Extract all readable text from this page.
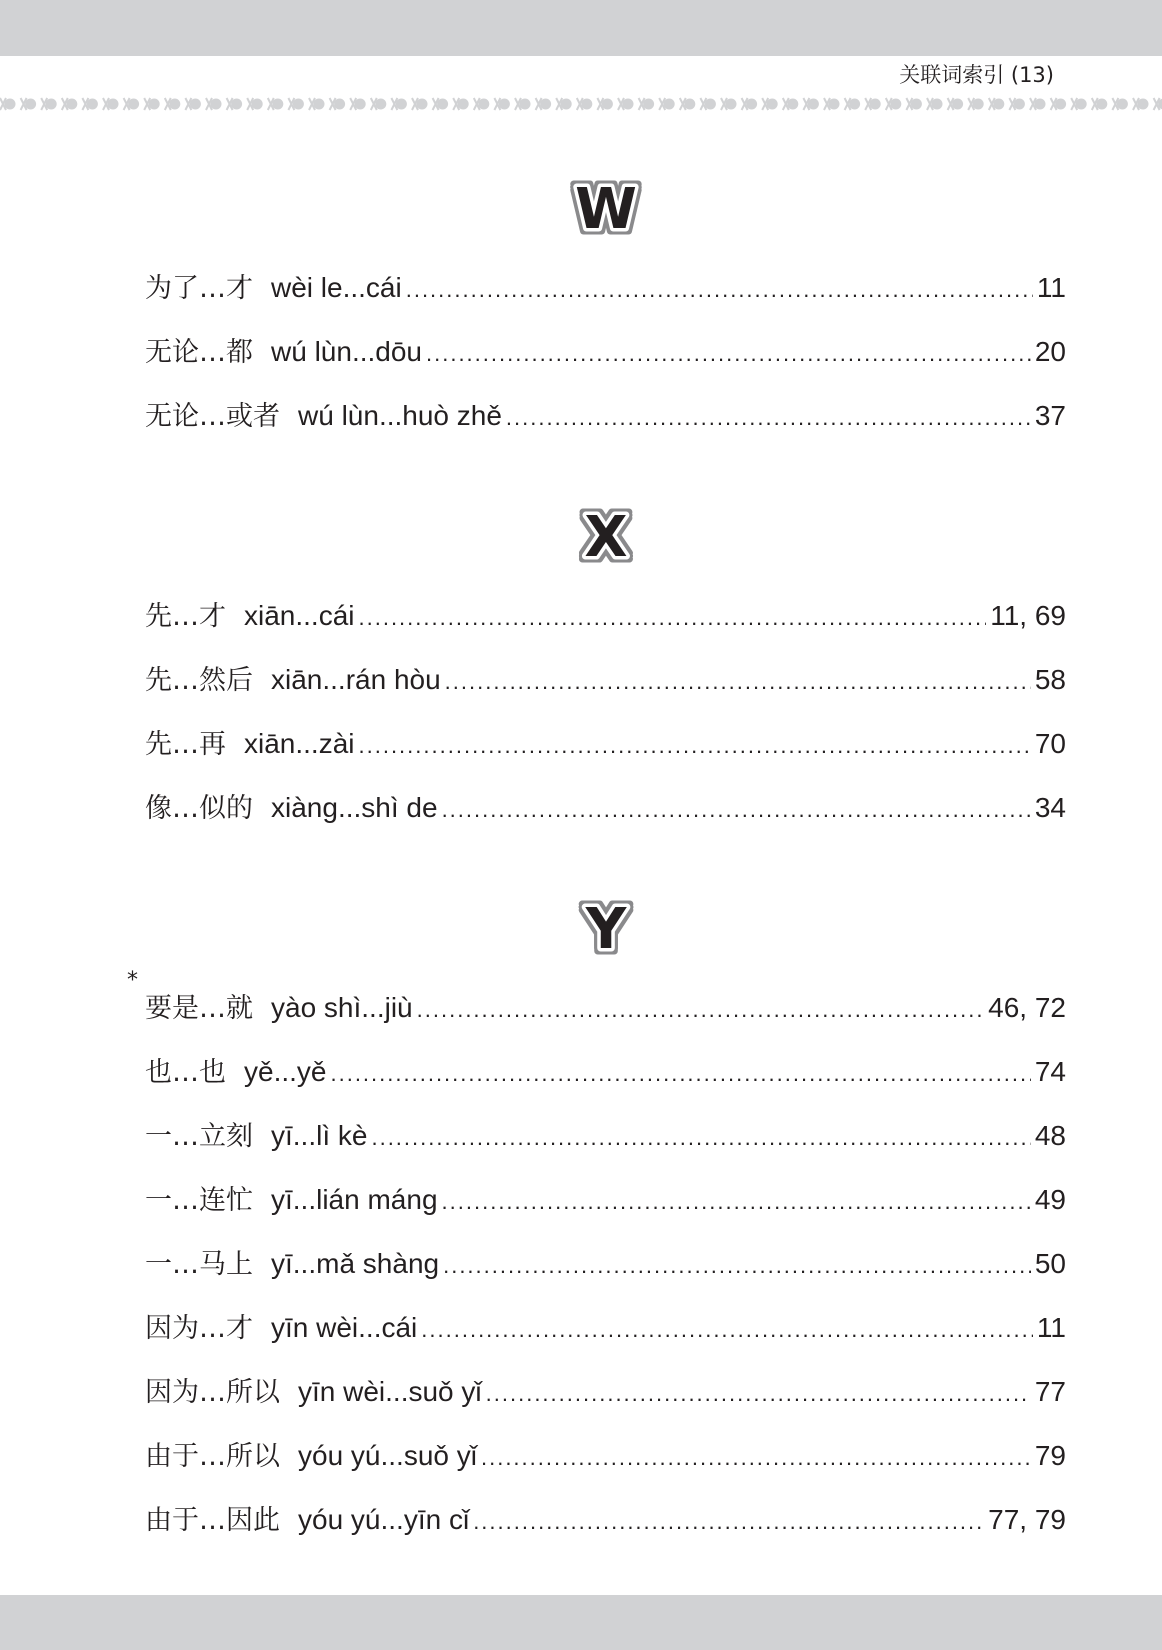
关联词索引 (13)
W
为了…才 wèi le...cái .....	11
无论…都 wú lùn...dōu .....	20
无论…或者 wú lùn...huò zhě .....	37
X
先…才 xiān...cái .....	11, 69
先…然后 xiān...rán hòu .....	58
先…再 xiān...zài .....	70
像…似的 xiàng...shì de .....	34
Y
*
要是…就 yào shì...jiù .....	46, 72
也…也 yě...yě .....	74
一…立刻 yī...lì kè .....	48
一…连忙 yī...lián máng .....	49
一…马上 yī...mǎ shàng .....	50
因为…才 yīn wèi...cái .....	11
因为…所以 yīn wèi...suǒ yǐ .....	77
由于…所以 yóu yú...suǒ yǐ .....	79
由于…因此 yóu yú...yīn cǐ .....	77, 79
